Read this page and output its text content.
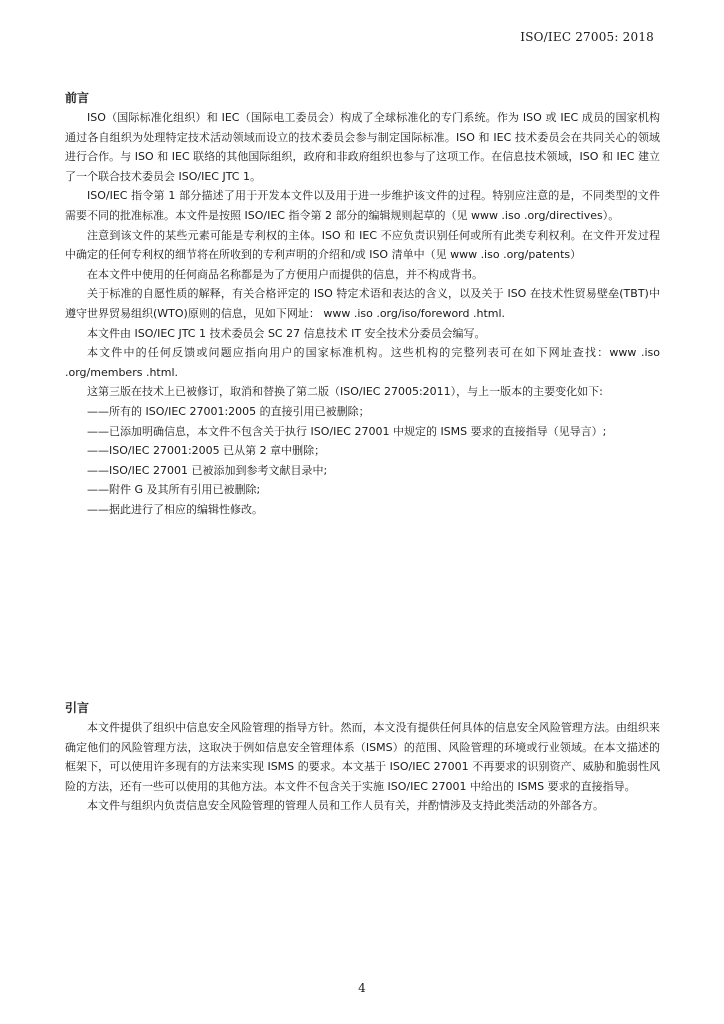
ISO/IEC 27005: 2018
前言

ISO（国际标准化组织）和 IEC（国际电工委员会）构成了全球标准化的专门系统。作为 ISO 或 IEC 成员的国家机构通过各自组织为处理特定技术活动领域而设立的技术委员会参与制定国际标准。ISO 和 IEC 技术委员会在共同关心的领域进行合作。与 ISO 和 IEC 联络的其他国际组织，政府和非政府组织也参与了这项工作。在信息技术领域，ISO 和 IEC 建立了一个联合技术委员会 ISO/IEC JTC 1。

ISO/IEC 指令第 1 部分描述了用于开发本文件以及用于进一步维护该文件的过程。特别应注意的是，不同类型的文件需要不同的批准标准。本文件是按照 ISO/IEC 指令第 2 部分的编辑规则起草的（见 www .iso .org/directives）。

注意到该文件的某些元素可能是专利权的主体。ISO 和 IEC 不应负责识别任何或所有此类专利权利。在文件开发过程中确定的任何专利权的细节将在所收到的专利声明的介绍和/或 ISO 清单中（见 www .iso .org/patents）

在本文件中使用的任何商品名称都是为了方便用户而提供的信息，并不构成背书。

关于标准的自愿性质的解释，有关合格评定的 ISO 特定术语和表达的含义，以及关于 ISO 在技术性贸易壁垒(TBT)中遵守世界贸易组织(WTO)原则的信息，见如下网址： www .iso .org/iso/foreword .html.

本文件由 ISO/IEC JTC 1 技术委员会 SC 27 信息技术 IT 安全技术分委员会编写。

本文件中的任何反馈或问题应指向用户的国家标准机构。这些机构的完整列表可在如下网址查找：www .iso .org/members .html.

这第三版在技术上已被修订，取消和替换了第二版（ISO/IEC 27005:2011），与上一版本的主要变化如下:

——所有的 ISO/IEC 27001:2005 的直接引用已被删除；
——已添加明确信息，本文件不包含关于执行 ISO/IEC 27001 中规定的 ISMS 要求的直接指导（见导言）;
——ISO/IEC 27001:2005 已从第 2 章中删除；
——ISO/IEC 27001 已被添加到参考文献目录中;
——附件 G 及其所有引用已被删除;
——据此进行了相应的编辑性修改。
引言

本文件提供了组织中信息安全风险管理的指导方针。然而，本文没有提供任何具体的信息安全风险管理方法。由组织来确定他们的风险管理方法，这取决于例如信息安全管理体系（ISMS）的范围、风险管理的环境或行业领域。在本文描述的框架下，可以使用许多现有的方法来实现 ISMS 的要求。本文基于 ISO/IEC 27001 不再要求的识别资产、威胁和脆弱性风险的方法，还有一些可以使用的其他方法。本文件不包含关于实施 ISO/IEC 27001 中给出的 ISMS 要求的直接指导。

本文件与组织内负责信息安全风险管理的管理人员和工作人员有关，并酌情涉及支持此类活动的外部各方。

4
